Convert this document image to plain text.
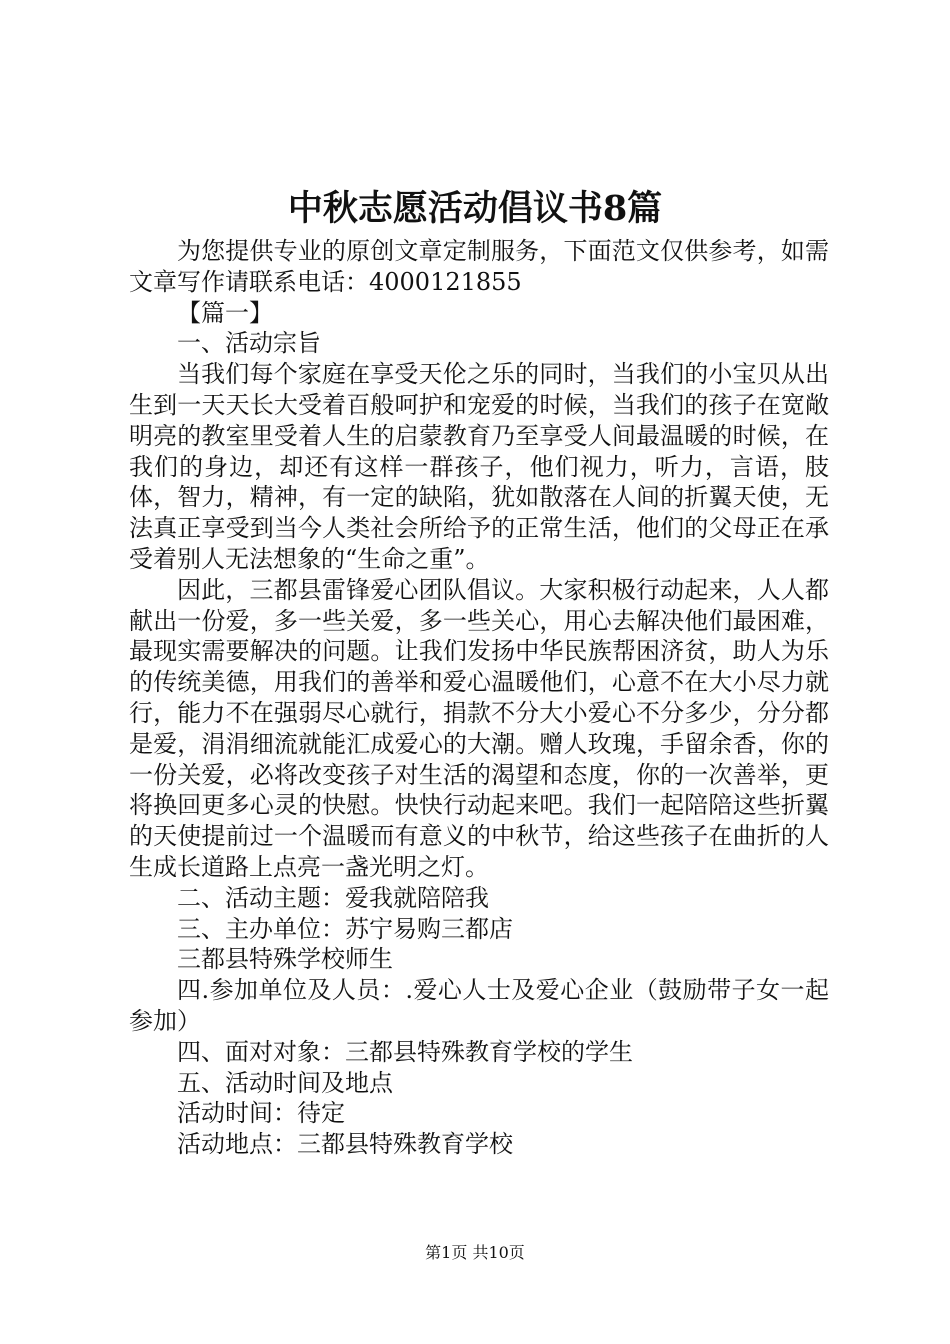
中秋志愿活动倡议书8篇

为您提供专业的原创文章定制服务，下面范文仅供参考，如需文章写作请联系电话：4000121855

【篇一】

一、活动宗旨

当我们每个家庭在享受天伦之乐的同时，当我们的小宝贝从出生到一天天长大受着百般呵护和宠爱的时候，当我们的孩子在宽敞明亮的教室里受着人生的启蒙教育乃至享受人间最温暖的时候，在我们的身边，却还有这样一群孩子，他们视力，听力，言语，肢体，智力，精神，有一定的缺陷，犹如散落在人间的折翼天使，无法真正享受到当今人类社会所给予的正常生活，他们的父母正在承受着别人无法想象的“生命之重”。

因此，三都县雷锋爱心团队倡议。大家积极行动起来，人人都献出一份爱，多一些关爱，多一些关心，用心去解决他们最困难，最现实需要解决的问题。让我们发扬中华民族帮困济贫，助人为乐的传统美德，用我们的善举和爱心温暖他们，心意不在大小尽力就行，能力不在强弱尽心就行，捐款不分大小爱心不分多少，分分都是爱，涓涓细流就能汇成爱心的大潮。赠人玫瑰，手留余香，你的一份关爱，必将改变孩子对生活的渴望和态度，你的一次善举，更将换回更多心灵的快慰。快快行动起来吧。我们一起陪陪这些折翼的天使提前过一个温暖而有意义的中秋节，给这些孩子在曲折的人生成长道路上点亮一盏光明之灯。

二、活动主题：爱我就陪陪我

三、主办单位：苏宁易购三都店

三都县特殊学校师生

四.参加单位及人员：.爱心人士及爱心企业（鼓励带子女一起参加）

四、面对对象：三都县特殊教育学校的学生

五、活动时间及地点

活动时间：待定

活动地点：三都县特殊教育学校

第1页 共10页
